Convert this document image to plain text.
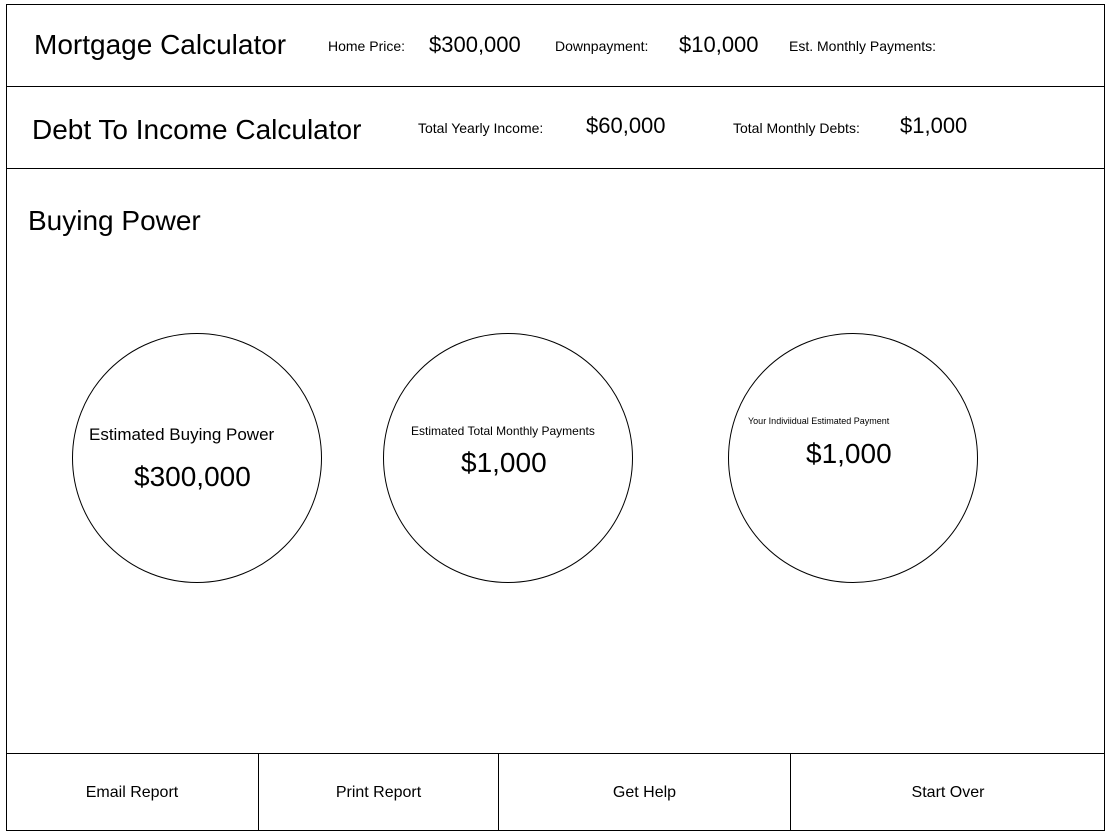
Mortgage Calculator	Home Price: $300,000 Downpayment: $10,000 Est. Monthly Payments:
Debt To Income Calculator	Total Yearly Income: $60,000	Total Monthly Debts: $1,000
Buying Power
Estimated Buying Power
$300,000
Estimated Total Monthly Payments
$1,000
Your Indiviidual Estimated Payment
$1,000
Email Report	Print Report	Get Help	Start Over
